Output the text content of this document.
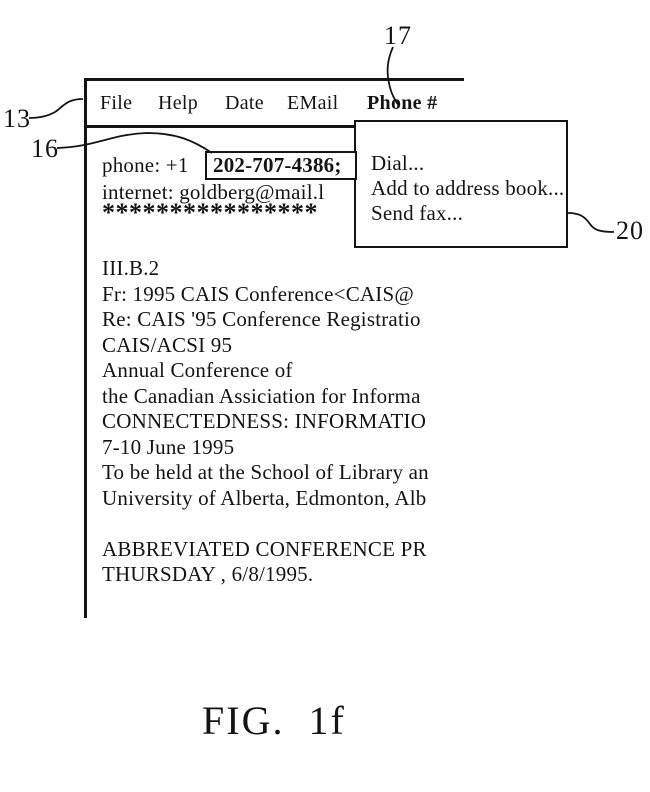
File Help Date EMail Phone #
phone: +1 202-707-4386;
internet: goldberg@mail.l
****************
III.B.2
Fr: 1995 CAIS Conference<CAIS@
Re: CAIS '95 Conference Registratio
CAIS/ACSI 95
Annual Conference of
the Canadian Assiciation for Informa
CONNECTEDNESS: INFORMATIO
7-10 June 1995
To be held at the School of Library an
University of Alberta, Edmonton, Alb
ABBREVIATED CONFERENCE PR
THURSDAY , 6/8/1995.
Dial...
Add to address book...
Send fax...
17
13
16
20
FIG.  1f
